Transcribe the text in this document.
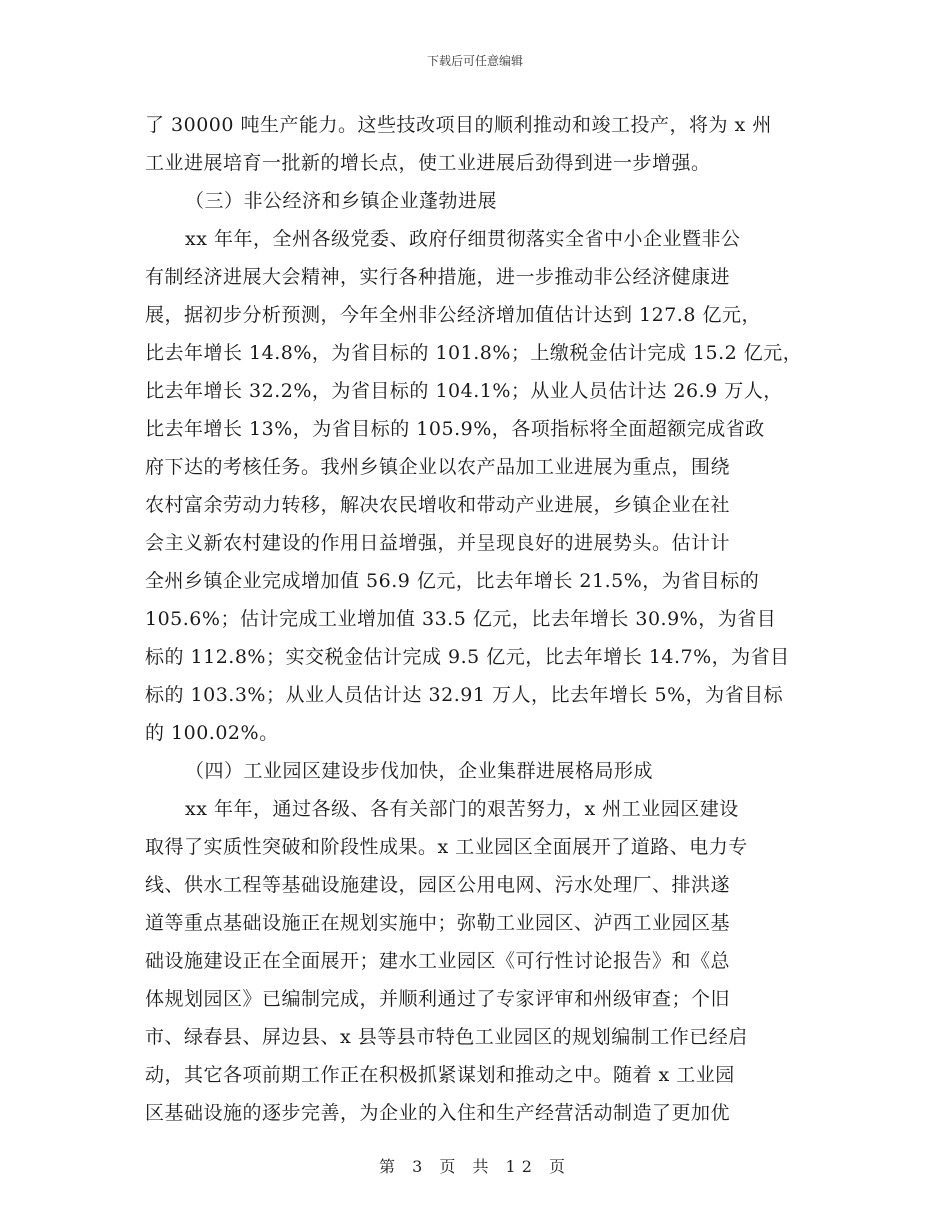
下载后可任意编辑
了 30000 吨生产能力。这些技改项目的顺利推动和竣工投产，将为 x 州
工业进展培育一批新的增长点，使工业进展后劲得到进一步增强。
（三）非公经济和乡镇企业蓬勃进展
xx 年年，全州各级党委、政府仔细贯彻落实全省中小企业暨非公
有制经济进展大会精神，实行各种措施，进一步推动非公经济健康进
展，据初步分析预测，今年全州非公经济增加值估计达到 127.8 亿元，
比去年增长 14.8%，为省目标的 101.8%；上缴税金估计完成 15.2 亿元，
比去年增长 32.2%，为省目标的 104.1%；从业人员估计达 26.9 万人，
比去年增长 13%，为省目标的 105.9%，各项指标将全面超额完成省政
府下达的考核任务。我州乡镇企业以农产品加工业进展为重点，围绕
农村富余劳动力转移，解决农民增收和带动产业进展，乡镇企业在社
会主义新农村建设的作用日益增强，并呈现良好的进展势头。估计计
全州乡镇企业完成增加值 56.9 亿元，比去年增长 21.5%，为省目标的
105.6%；估计完成工业增加值 33.5 亿元，比去年增长 30.9%，为省目
标的 112.8%；实交税金估计完成 9.5 亿元，比去年增长 14.7%，为省目
标的 103.3%；从业人员估计达 32.91 万人，比去年增长 5%，为省目标
的 100.02%。
（四）工业园区建设步伐加快，企业集群进展格局形成
xx 年年，通过各级、各有关部门的艰苦努力，x 州工业园区建设
取得了实质性突破和阶段性成果。x 工业园区全面展开了道路、电力专
线、供水工程等基础设施建设，园区公用电网、污水处理厂、排洪遂
道等重点基础设施正在规划实施中；弥勒工业园区、泸西工业园区基
础设施建设正在全面展开；建水工业园区《可行性讨论报告》和《总
体规划园区》已编制完成，并顺利通过了专家评审和州级审查；个旧
市、绿春县、屏边县、x 县等县市特色工业园区的规划编制工作已经启
动，其它各项前期工作正在积极抓紧谋划和推动之中。随着 x 工业园
区基础设施的逐步完善，为企业的入住和生产经营活动制造了更加优
第 3 页 共 12 页
